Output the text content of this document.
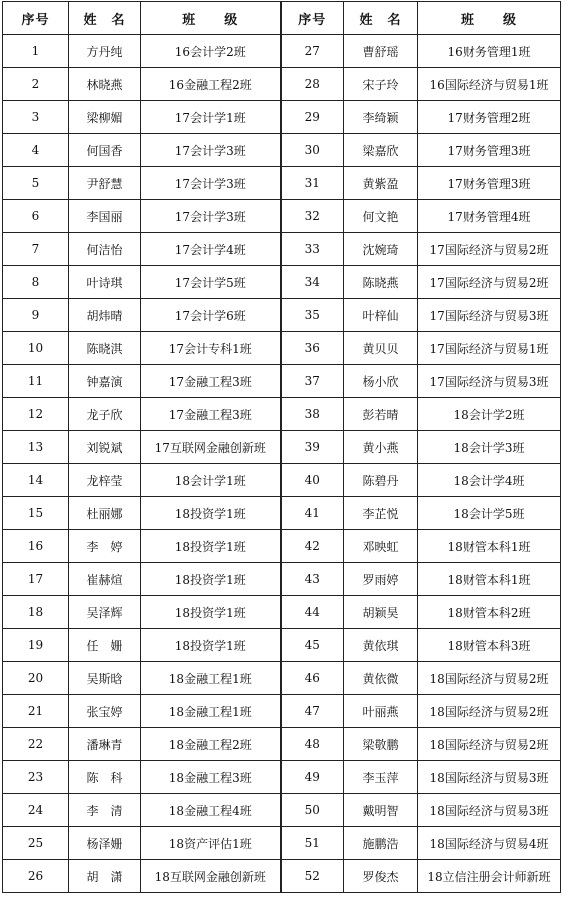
序号	姓　名	班　　级	序号	姓　名	班　　级
1	方丹纯	16会计学2班	27	曹舒瑶	16财务管理1班
2	林晓燕	16金融工程2班	28	宋子玲	16国际经济与贸易1班
3	梁柳媚	17会计学1班	29	李绮颖	17财务管理2班
4	何国香	17会计学3班	30	梁嘉欣	17财务管理3班
5	尹舒慧	17会计学3班	31	黄紫盈	17财务管理3班
6	李国丽	17会计学3班	32	何文艳	17财务管理4班
7	何洁怡	17会计学4班	33	沈婉琦	17国际经济与贸易2班
8	叶诗琪	17会计学5班	34	陈晓燕	17国际经济与贸易2班
9	胡炜晴	17会计学6班	35	叶梓仙	17国际经济与贸易3班
10	陈晓淇	17会计专科1班	36	黄贝贝	17国际经济与贸易1班
11	钟嘉演	17金融工程3班	37	杨小欣	17国际经济与贸易3班
12	龙子欣	17金融工程3班	38	彭若晴	18会计学2班
13	刘锐斌	17互联网金融创新班	39	黄小燕	18会计学3班
14	龙梓莹	18会计学1班	40	陈碧丹	18会计学4班
15	杜丽娜	18投资学1班	41	李芷悦	18会计学5班
16	李　婷	18投资学1班	42	邓映虹	18财管本科1班
17	崔赫煊	18投资学1班	43	罗雨婷	18财管本科1班
18	吴泽辉	18投资学1班	44	胡颖昊	18财管本科2班
19	任　姗	18投资学1班	45	黄依琪	18财管本科3班
20	吴斯晗	18金融工程1班	46	黄依微	18国际经济与贸易2班
21	张宝婷	18金融工程1班	47	叶丽燕	18国际经济与贸易2班
22	潘琳青	18金融工程2班	48	梁敬鹏	18国际经济与贸易2班
23	陈　科	18金融工程3班	49	李玉萍	18国际经济与贸易3班
24	李　清	18金融工程4班	50	戴明智	18国际经济与贸易3班
25	杨泽姗	18资产评估1班	51	施鹏浩	18国际经济与贸易4班
26	胡　潇	18互联网金融创新班	52	罗俊杰	18立信注册会计师新班
